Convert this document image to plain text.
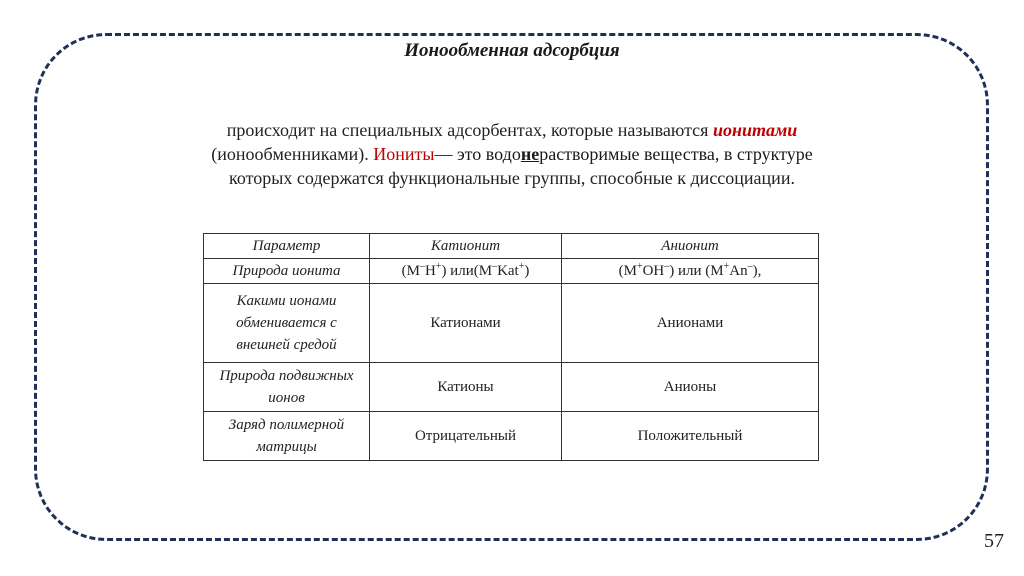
Ионообменная адсорбция
происходит на специальных адсорбентах, которые называются ионитами
(ионообменниками). Иониты— это водонерастворимые вещества, в структуре
которых содержатся функциональные группы, способные к диссоциации.
Параметр	Катионит	Анионит
Природа ионита	(M–H+) или(M–Kat+)	(M+OH–) или (M+An–),
Какими ионами обменивается с внешней средой	Катионами	Анионами
Природа подвижных ионов	Катионы	Анионы
Заряд полимерной матрицы	Отрицательный	Положительный
57
